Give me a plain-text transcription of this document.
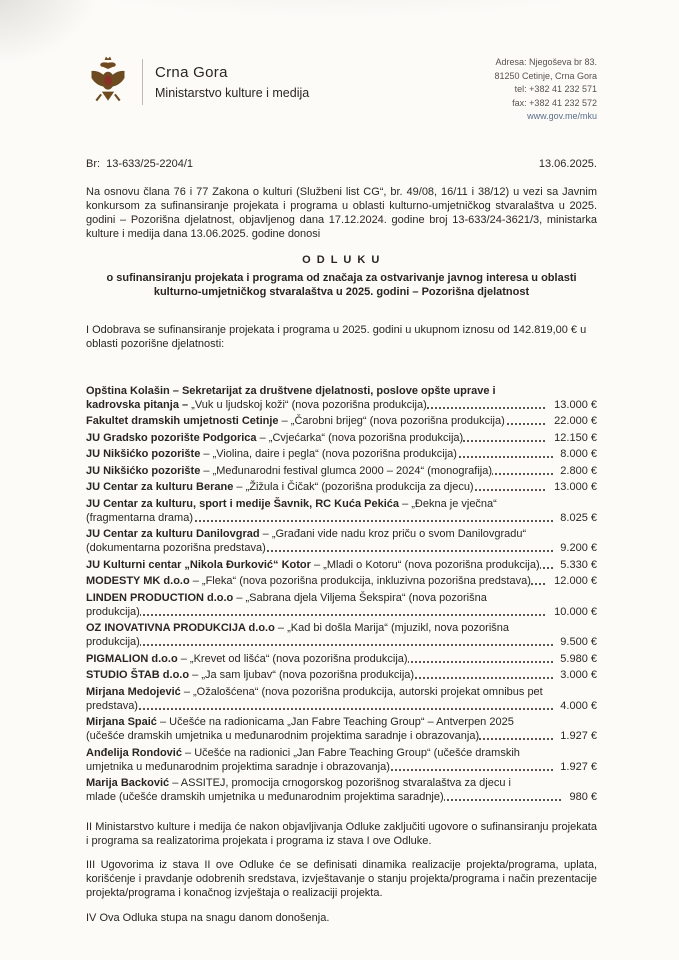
Crna Gora
Ministarstvo kulture i medija
Adresa: Njegoševa br 83.
81250 Cetinje, Crna Gora
tel: +382 41 232 571
fax: +382 41 232 572
www.gov.me/mku
Br:  13-633/25-2204/1	13.06.2025.

Na osnovu člana 76 i 77 Zakona o kulturi (Službeni list CG“, br. 49/08, 16/11 i 38/12) u vezi sa Javnim konkursom za sufinansiranje projekata i programa u oblasti kulturno-umjetničkog stvaralaštva u 2025. godini – Pozorišna djelatnost, objavljenog dana 17.12.2024. godine broj 13-633/24-3621/3, ministarka kulture i medija dana 13.06.2025. godine donosi

O D L U K U
o sufinansiranju projekata i programa od značaja za ostvarivanje javnog interesa u oblasti kulturno-umjetničkog stvaralaštva u 2025. godini – Pozorišna djelatnost

I Odobrava se sufinansiranje projekata i programa u 2025. godini u ukupnom iznosu od 142.819,00 € u oblasti pozorišne djelatnosti:

Opština Kolašin – Sekretarijat za društvene djelatnosti, poslove opšte uprave i kadrovska pitanja – „Vuk u ljudskoj koži“ (nova pozorišna produkcija)	13.000 €
Fakultet dramskih umjetnosti Cetinje – „Čarobni brijeg“ (nova pozorišna produkcija)	22.000 €
JU Gradsko pozorište Podgorica – „Cvjećarka“ (nova pozorišna produkcija)	12.150 €
JU Nikšićko pozorište – „Violina, daire i pegla“ (nova pozorišna produkcija)	8.000 €
JU Nikšićko pozorište – „Međunarodni festival glumca 2000 – 2024“ (monografija)	2.800 €
JU Centar za kulturu Berane – „Žižula i Čičak“ (pozorišna produkcija za djecu)	13.000 €
JU Centar za kulturu, sport i medije Šavnik, RC Kuća Pekića – „Đekna je vječna“ (fragmentarna drama)	8.025 €
JU Centar za kulturu Danilovgrad – „Građani vide nadu kroz priču o svom Danilovgradu“ (dokumentarna pozorišna predstava)	9.200 €
JU Kulturni centar „Nikola Đurković“ Kotor – „Mladi o Kotoru“ (nova pozorišna produkcija)	5.330 €
MODESTY MK d.o.o – „Fleka“ (nova pozorišna produkcija, inkluzivna pozorišna predstava)	12.000 €
LINDEN PRODUCTION d.o.o – „Sabrana djela Viljema Šekspira“ (nova pozorišna produkcija)	10.000 €
OZ INOVATIVNA PRODUKCIJA d.o.o – „Kad bi došla Marija“ (mjuzikl, nova pozorišna produkcija)	9.500 €
PIGMALION d.o.o – „Krevet od lišća“ (nova pozorišna produkcija)	5.980 €
STUDIO ŠTAB d.o.o – „Ja sam ljubav“ (nova pozorišna produkcija)	3.000 €
Mirjana Medojević – „Ožalošćena“ (nova pozorišna produkcija, autorski projekat omnibus pet predstava)	4.000 €
Mirjana Spaić – Učešće na radionicama „Jan Fabre Teaching Group“ – Antverpen 2025 (učešće dramskih umjetnika u međunarodnim projektima saradnje i obrazovanja)	1.927 €
Anđelija Rondović – Učešće na radionici „Jan Fabre Teaching Group“ (učešće dramskih umjetnika u međunarodnim projektima saradnje i obrazovanja)	1.927 €
Marija Backović – ASSITEJ, promocija crnogorskog pozorišnog stvaralaštva za djecu i mlade (učešće dramskih umjetnika u međunarodnim projektima saradnje)	980 €

II Ministarstvo kulture i medija će nakon objavljivanja Odluke zaključiti ugovore o sufinansiranju projekata i programa sa realizatorima projekata i programa iz stava I ove Odluke.

III Ugovorima iz stava II ove Odluke će se definisati dinamika realizacije projekta/programa, uplata, korišćenje i pravdanje odobrenih sredstava, izvještavanje o stanju projekta/programa i način prezentacije projekta/programa i konačnog izvještaja o realizaciji projekta.

IV Ova Odluka stupa na snagu danom donošenja.
